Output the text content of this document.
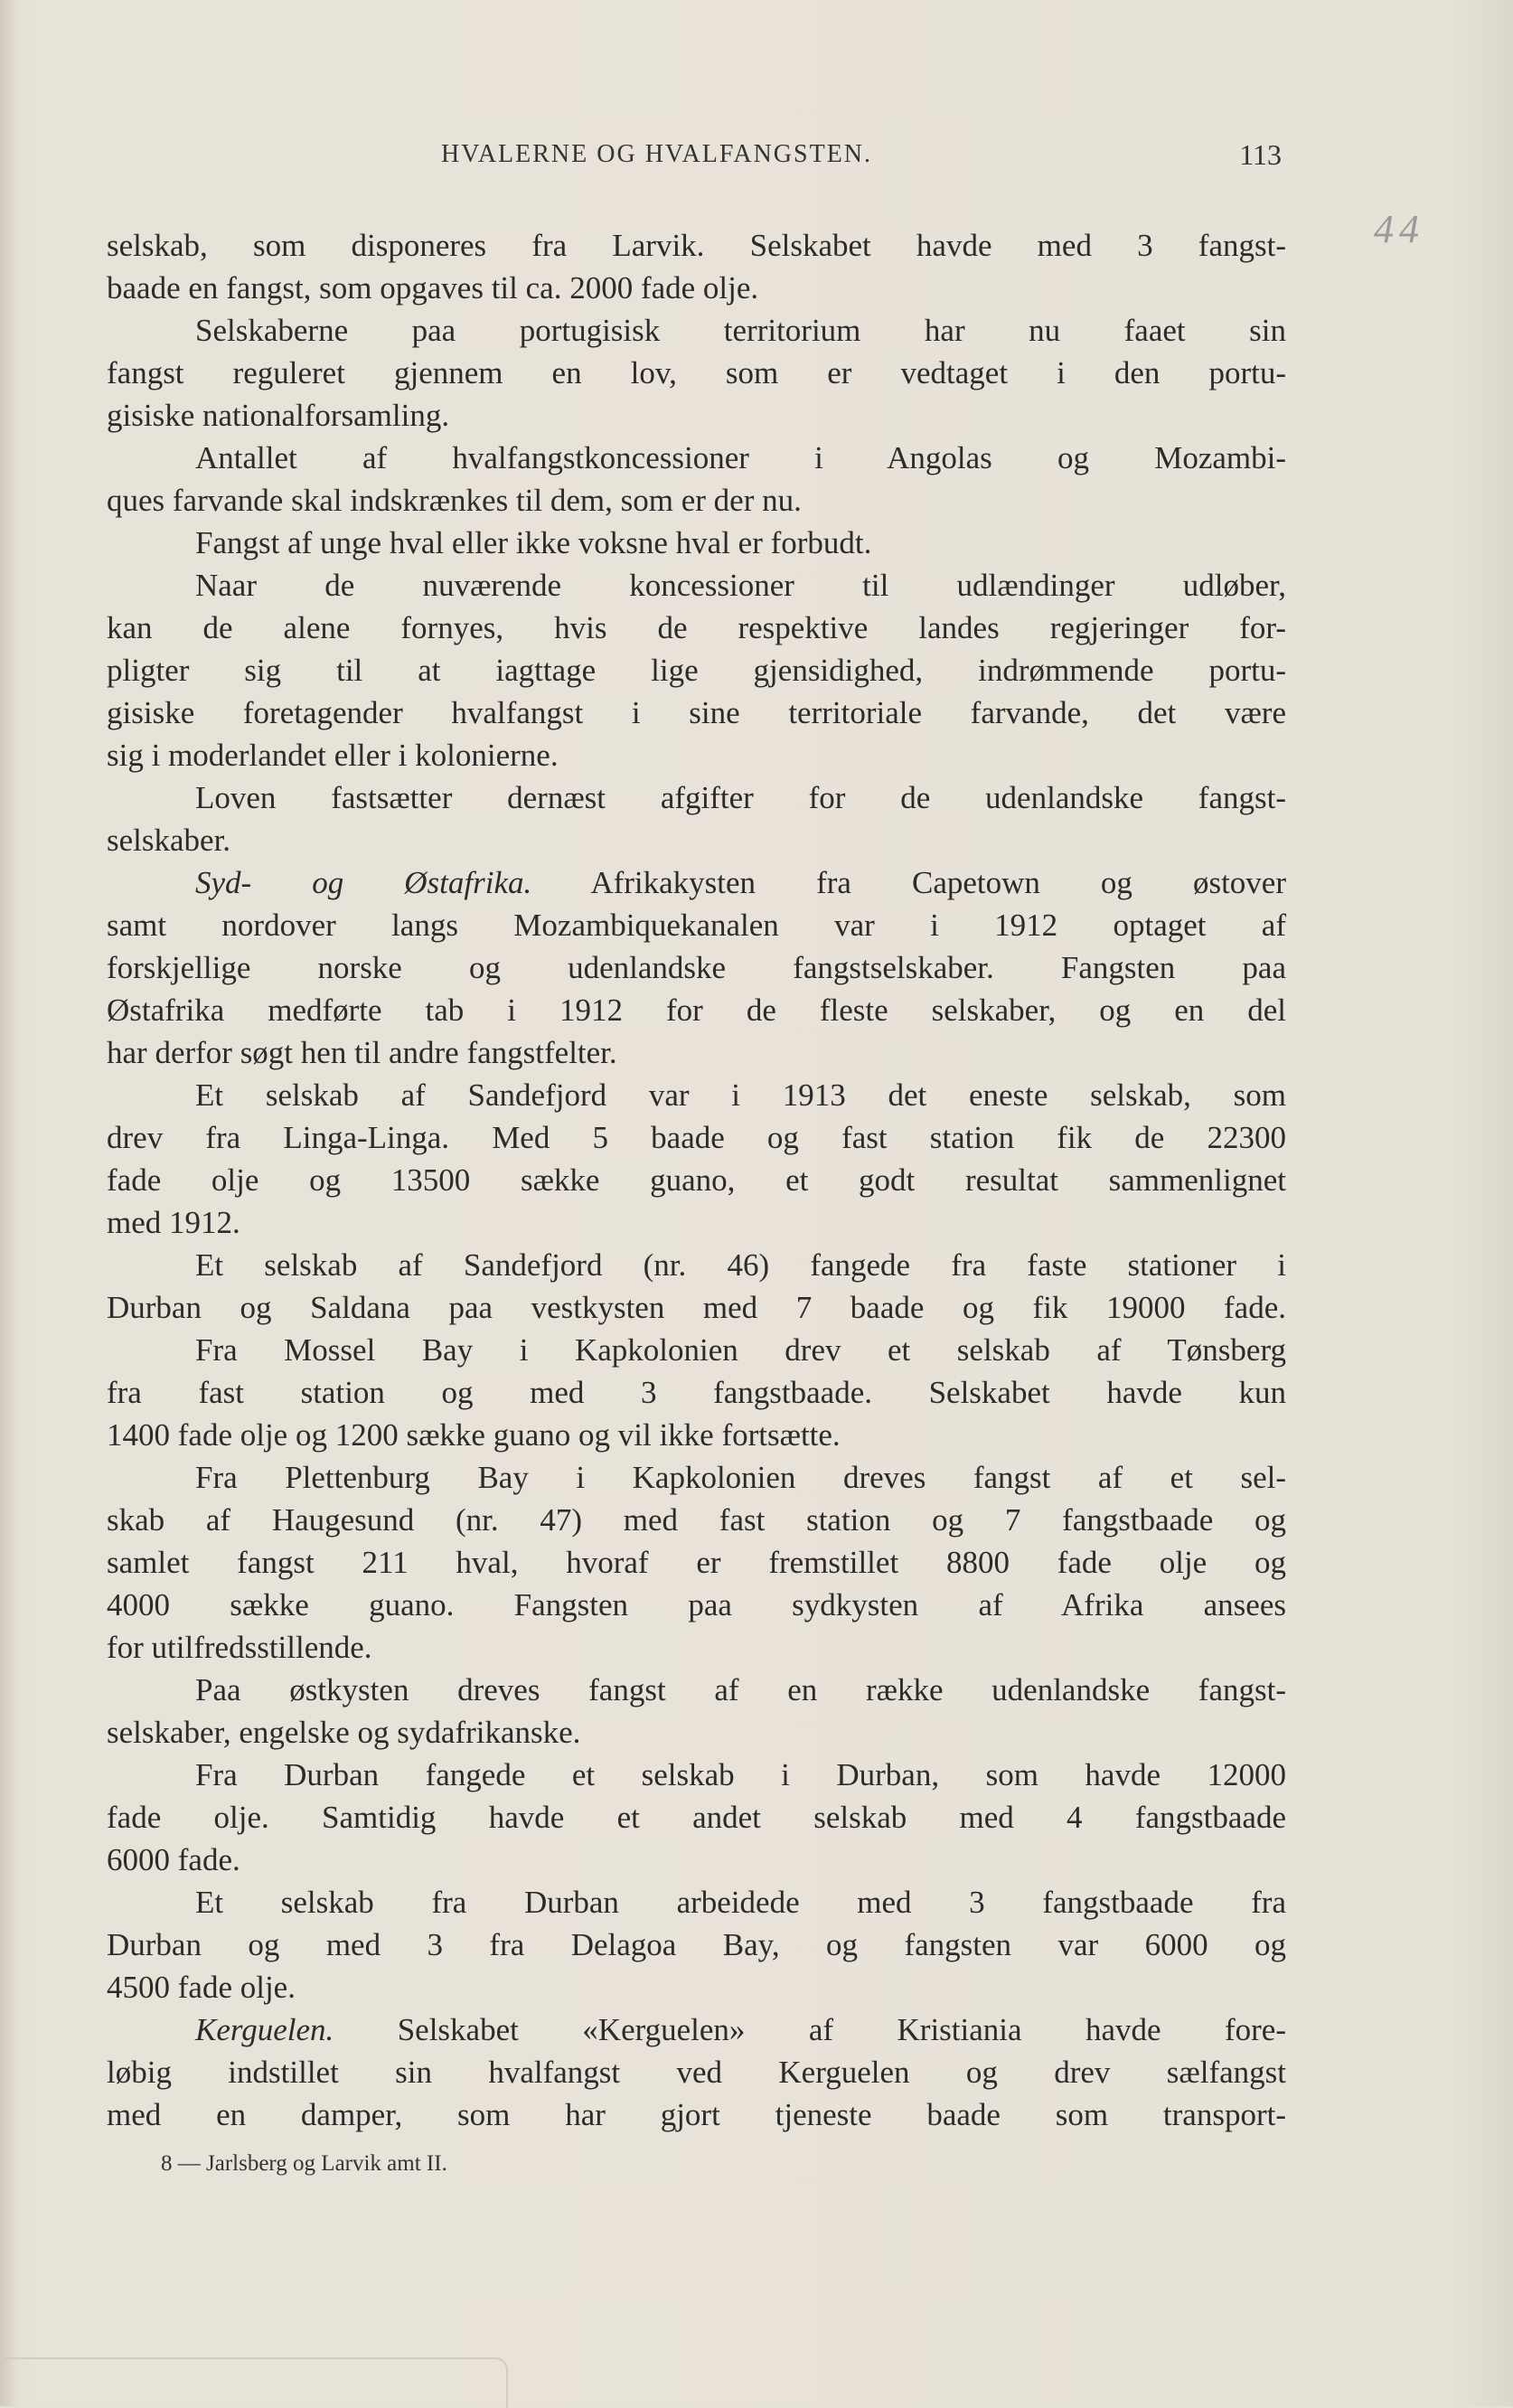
HVALERNE OG HVALFANGSTEN.	113
44
selskab, som disponeres fra Larvik. Selskabet havde med 3 fangst-
baade en fangst, som opgaves til ca. 2000 fade olje.
Selskaberne paa portugisisk territorium har nu faaet sin
fangst reguleret gjennem en lov, som er vedtaget i den portu-
gisiske nationalforsamling.
Antallet af hvalfangstkoncessioner i Angolas og Mozambi-
ques farvande skal indskrænkes til dem, som er der nu.
Fangst af unge hval eller ikke voksne hval er forbudt.
Naar de nuværende koncessioner til udlændinger udløber,
kan de alene fornyes, hvis de respektive landes regjeringer for-
pligter sig til at iagttage lige gjensidighed, indrømmende portu-
gisiske foretagender hvalfangst i sine territoriale farvande, det være
sig i moderlandet eller i kolonierne.
Loven fastsætter dernæst afgifter for de udenlandske fangst-
selskaber.
Syd- og Østafrika. Afrikakysten fra Capetown og østover
samt nordover langs Mozambiquekanalen var i 1912 optaget af
forskjellige norske og udenlandske fangstselskaber. Fangsten paa
Østafrika medførte tab i 1912 for de fleste selskaber, og en del
har derfor søgt hen til andre fangstfelter.
Et selskab af Sandefjord var i 1913 det eneste selskab, som
drev fra Linga-Linga. Med 5 baade og fast station fik de 22300
fade olje og 13500 sække guano, et godt resultat sammenlignet
med 1912.
Et selskab af Sandefjord (nr. 46) fangede fra faste stationer i
Durban og Saldana paa vestkysten med 7 baade og fik 19000 fade.
Fra Mossel Bay i Kapkolonien drev et selskab af Tønsberg
fra fast station og med 3 fangstbaade. Selskabet havde kun
1400 fade olje og 1200 sække guano og vil ikke fortsætte.
Fra Plettenburg Bay i Kapkolonien dreves fangst af et sel-
skab af Haugesund (nr. 47) med fast station og 7 fangstbaade og
samlet fangst 211 hval, hvoraf er fremstillet 8800 fade olje og
4000 sække guano. Fangsten paa sydkysten af Afrika ansees
for utilfredsstillende.
Paa østkysten dreves fangst af en række udenlandske fangst-
selskaber, engelske og sydafrikanske.
Fra Durban fangede et selskab i Durban, som havde 12000
fade olje. Samtidig havde et andet selskab med 4 fangstbaade
6000 fade.
Et selskab fra Durban arbeidede med 3 fangstbaade fra
Durban og med 3 fra Delagoa Bay, og fangsten var 6000 og
4500 fade olje.
Kerguelen. Selskabet «Kerguelen» af Kristiania havde fore-
løbig indstillet sin hvalfangst ved Kerguelen og drev sælfangst
med en damper, som har gjort tjeneste baade som transport-
8 — Jarlsberg og Larvik amt II.
